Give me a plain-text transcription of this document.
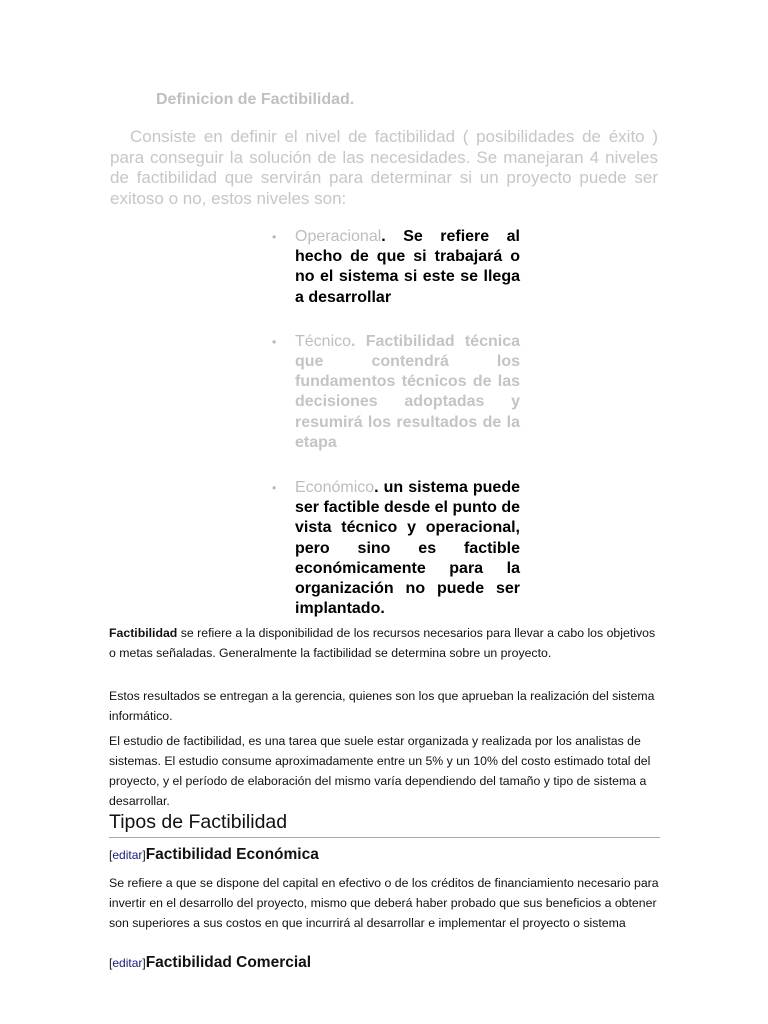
Definicion de Factibilidad.

Consiste en definir el nivel de factibilidad ( posibilidades de éxito ) para conseguir la solución de las necesidades. Se manejaran 4 niveles de factibilidad que servirán para determinar si un proyecto puede ser exitoso o no, estos niveles son:

• Operacional. Se refiere al hecho de que si trabajará o no el sistema si este se llega a desarrollar
• Técnico. Factibilidad técnica que contendrá los fundamentos técnicos de las decisiones adoptadas y resumirá los resultados de la etapa
• Económico. un sistema puede ser factible desde el punto de vista técnico y operacional, pero sino es factible económicamente para la organización no puede ser implantado.

Factibilidad se refiere a la disponibilidad de los recursos necesarios para llevar a cabo los objetivos o metas señaladas. Generalmente la factibilidad se determina sobre un proyecto.

Estos resultados se entregan a la gerencia, quienes son los que aprueban la realización del sistema informático.

El estudio de factibilidad, es una tarea que suele estar organizada y realizada por los analistas de sistemas. El estudio consume aproximadamente entre un 5% y un 10% del costo estimado total del proyecto, y el período de elaboración del mismo varía dependiendo del tamaño y tipo de sistema a desarrollar.

Tipos de Factibilidad
[editar]Factibilidad Económica

Se refiere a que se dispone del capital en efectivo o de los créditos de financiamiento necesario para invertir en el desarrollo del proyecto, mismo que deberá haber probado que sus beneficios a obtener son superiores a sus costos en que incurrirá al desarrollar e implementar el proyecto o sistema

[editar]Factibilidad Comercial
